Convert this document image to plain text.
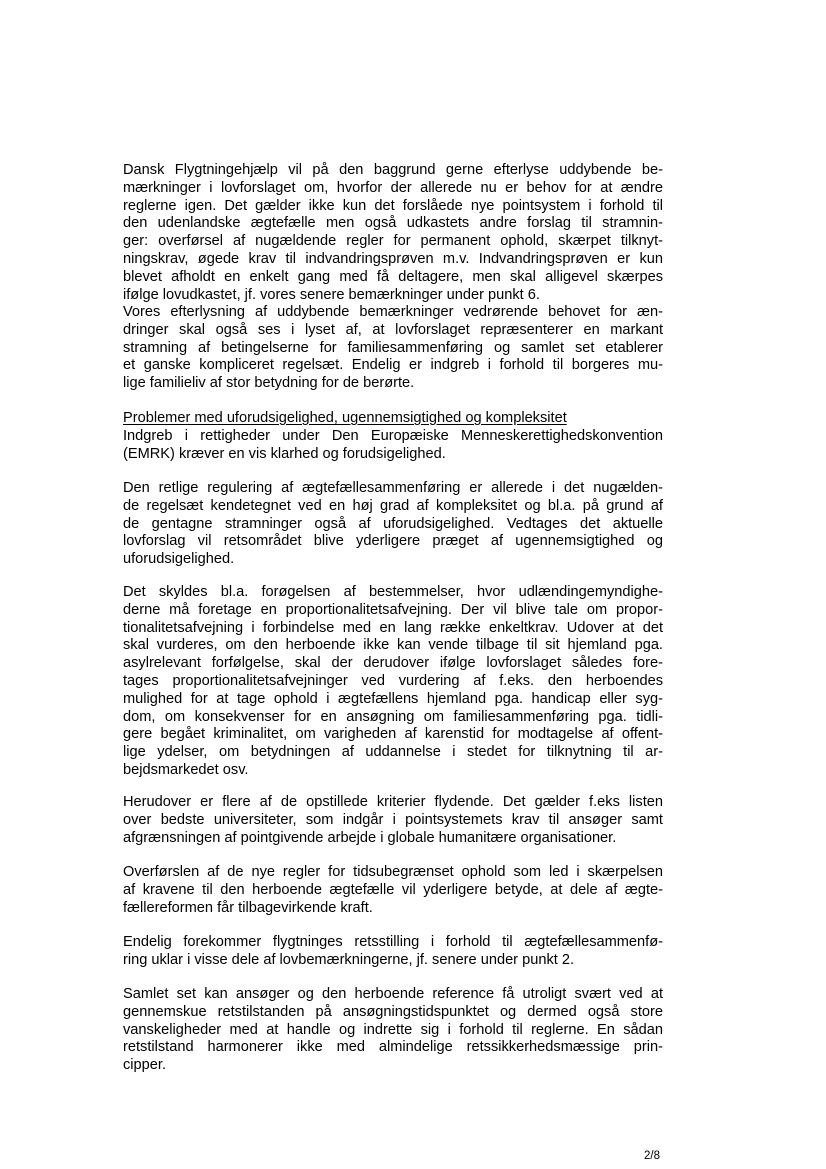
Dansk Flygtningehjælp vil på den baggrund gerne efterlyse uddybende be-
mærkninger i lovforslaget om, hvorfor der allerede nu er behov for at ændre
reglerne igen. Det gælder ikke kun det forslåede nye pointsystem i forhold til
den udenlandske ægtefælle men også udkastets andre forslag til stramnin-
ger: overførsel af nugældende regler for permanent ophold, skærpet tilknyt-
ningskrav, øgede krav til indvandringsprøven m.v. Indvandringsprøven er kun
blevet afholdt en enkelt gang med få deltagere, men skal alligevel skærpes
ifølge lovudkastet, jf. vores senere bemærkninger under punkt 6.
Vores efterlysning af uddybende bemærkninger vedrørende behovet for æn-
dringer skal også ses i lyset af, at lovforslaget repræsenterer en markant
stramning af betingelserne for familiesammenføring og samlet set etablerer
et ganske kompliceret regelsæt. Endelig er indgreb i forhold til borgeres mu-
lige familieliv af stor betydning for de berørte.
Problemer med uforudsigelighed, ugennemsigtighed og kompleksitet
Indgreb i rettigheder under Den Europæiske Menneskerettighedskonvention
(EMRK) kræver en vis klarhed og forudsigelighed.
Den retlige regulering af ægtefællesammenføring er allerede i det nugælden-
de regelsæt kendetegnet ved en høj grad af kompleksitet og bl.a. på grund af
de gentagne stramninger også af uforudsigelighed. Vedtages det aktuelle
lovforslag vil retsområdet blive yderligere præget af ugennemsigtighed og
uforudsigelighed.
Det skyldes bl.a. forøgelsen af bestemmelser, hvor udlændingemyndighe-
derne må foretage en proportionalitetsafvejning. Der vil blive tale om propor-
tionalitetsafvejning i forbindelse med en lang række enkeltkrav. Udover at det
skal vurderes, om den herboende ikke kan vende tilbage til sit hjemland pga.
asylrelevant forfølgelse, skal der derudover ifølge lovforslaget således fore-
tages proportionalitetsafvejninger ved vurdering af f.eks. den herboendes
mulighed for at tage ophold i ægtefællens hjemland pga. handicap eller syg-
dom, om konsekvenser for en ansøgning om familiesammenføring pga. tidli-
gere begået kriminalitet, om varigheden af karenstid for modtagelse af offent-
lige ydelser, om betydningen af uddannelse i stedet for tilknytning til ar-
bejdsmarkedet osv.
Herudover er flere af de opstillede kriterier flydende. Det gælder f.eks listen
over bedste universiteter, som indgår i pointsystemets krav til ansøger samt
afgrænsningen af pointgivende arbejde i globale humanitære organisationer.
Overførslen af de nye regler for tidsubegrænset ophold som led i skærpelsen
af kravene til den herboende ægtefælle vil yderligere betyde, at dele af ægte-
fællereformen får tilbagevirkende kraft.
Endelig forekommer flygtninges retsstilling i forhold til ægtefællesammenfø-
ring uklar i visse dele af lovbemærkningerne, jf. senere under punkt 2.
Samlet set kan ansøger og den herboende reference få utroligt svært ved at
gennemskue retstilstanden på ansøgningstidspunktet og dermed også store
vanskeligheder med at handle og indrette sig i forhold til reglerne. En sådan
retstilstand harmonerer ikke med almindelige retssikkerhedsmæssige prin-
cipper.
2/8
